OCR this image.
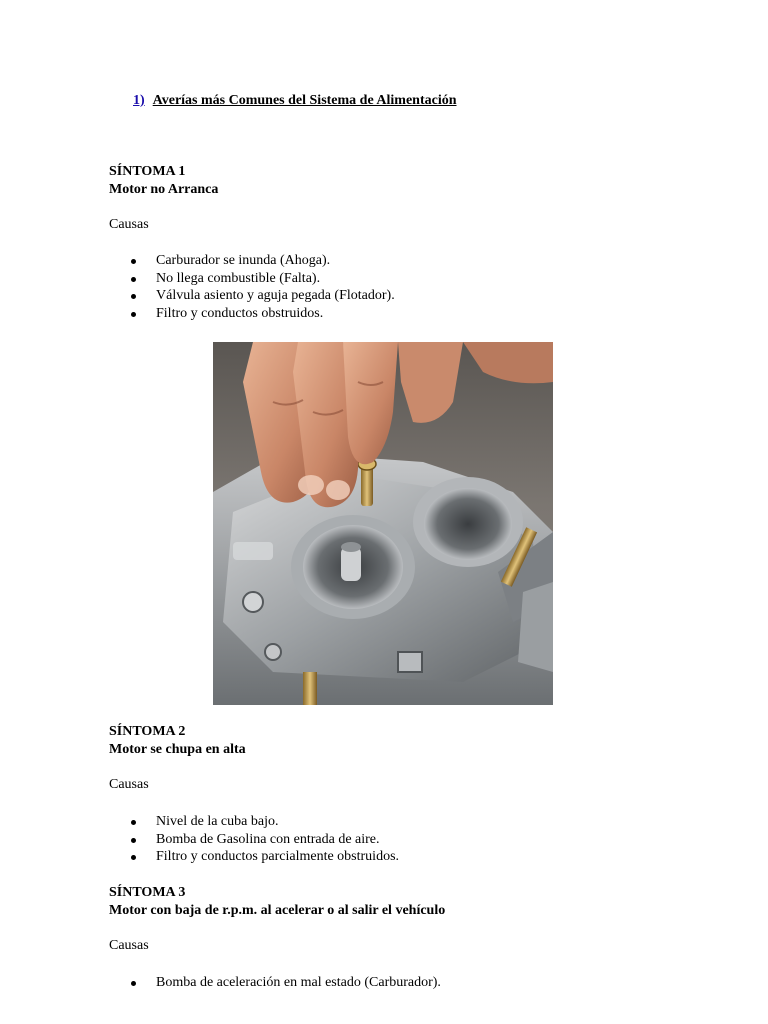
1) Averías más Comunes del Sistema de Alimentación
SÍNTOMA 1
Motor no Arranca
Causas
Carburador se inunda (Ahoga).
No llega combustible (Falta).
Válvula asiento y aguja pegada (Flotador).
Filtro y conductos obstruidos.
SÍNTOMA 2
Motor se chupa en alta
Causas
Nivel de la cuba bajo.
Bomba de Gasolina con entrada de aire.
Filtro y conductos parcialmente obstruidos.
SÍNTOMA 3
Motor con baja de r.p.m. al acelerar o al salir el vehículo
Causas
Bomba de aceleración en mal estado (Carburador).
